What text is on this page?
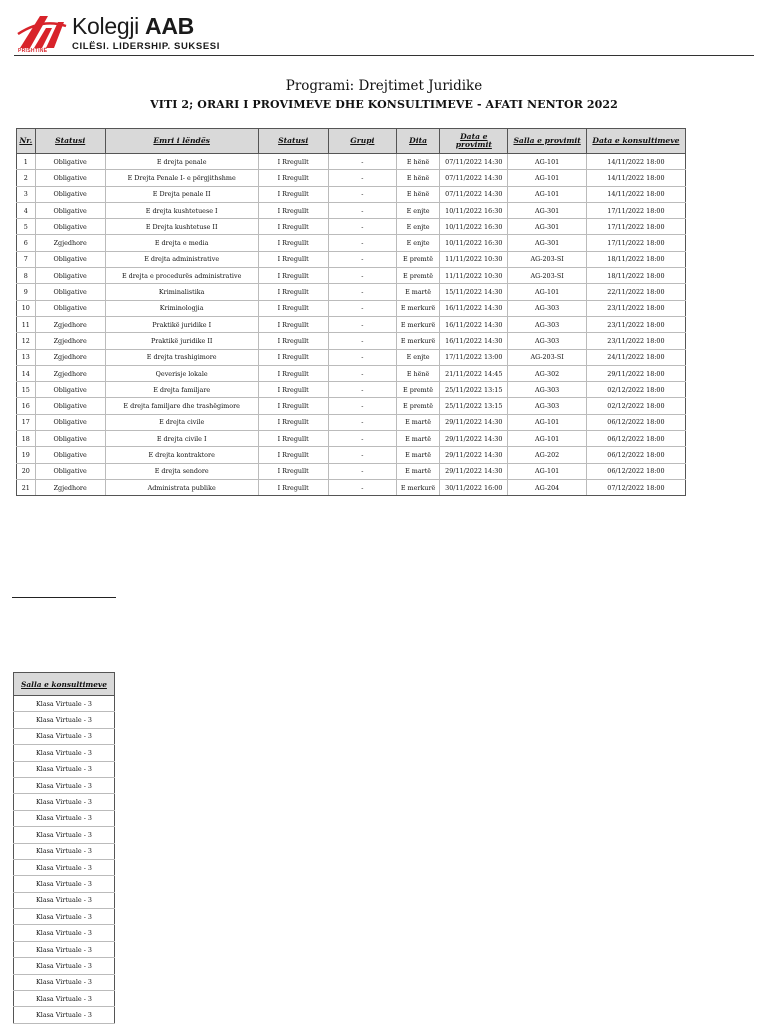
PRISHTINË
Kolegji AAB
CILËSI. LIDERSHIP. SUKSESI
Programi: Drejtimet Juridike
VITI 2; ORARI I PROVIMEVE DHE KONSULTIMEVE - AFATI NENTOR 2022
Nr.	Statusi	Emri i lëndës	Statusi	Grupi	Dita	Data e provimit	Salla e provimit	Data e konsultimeve
1	Obligative	E drejta penale	I Rregullt	-	E hënë	07/11/2022 14:30	AG-101	14/11/2022 18:00
2	Obligative	E Drejta Penale I- e përgjithshme	I Rregullt	-	E hënë	07/11/2022 14:30	AG-101	14/11/2022 18:00
3	Obligative	E Drejta penale II	I Rregullt	-	E hënë	07/11/2022 14:30	AG-101	14/11/2022 18:00
4	Obligative	E drejta kushtetuese I	I Rregullt	-	E enjte	10/11/2022 16:30	AG-301	17/11/2022 18:00
5	Obligative	E Drejta kushtetuse II	I Rregullt	-	E enjte	10/11/2022 16:30	AG-301	17/11/2022 18:00
6	Zgjedhore	E drejta e media	I Rregullt	-	E enjte	10/11/2022 16:30	AG-301	17/11/2022 18:00
7	Obligative	E drejta administrative	I Rregullt	-	E premtë	11/11/2022 10:30	AG-203-SI	18/11/2022 18:00
8	Obligative	E drejta e procedurës administrative	I Rregullt	-	E premtë	11/11/2022 10:30	AG-203-SI	18/11/2022 18:00
9	Obligative	Kriminalistika	I Rregullt	-	E martë	15/11/2022 14:30	AG-101	22/11/2022 18:00
10	Obligative	Kriminologjia	I Rregullt	-	E merkurë	16/11/2022 14:30	AG-303	23/11/2022 18:00
11	Zgjedhore	Praktikë juridike I	I Rregullt	-	E merkurë	16/11/2022 14:30	AG-303	23/11/2022 18:00
12	Zgjedhore	Praktikë juridike II	I Rregullt	-	E merkurë	16/11/2022 14:30	AG-303	23/11/2022 18:00
13	Zgjedhore	E drejta trashigimore	I Rregullt	-	E enjte	17/11/2022 13:00	AG-203-SI	24/11/2022 18:00
14	Zgjedhore	Qeverisje lokale	I Rregullt	-	E hënë	21/11/2022 14:45	AG-302	29/11/2022 18:00
15	Obligative	E drejta familjare	I Rregullt	-	E premtë	25/11/2022 13:15	AG-303	02/12/2022 18:00
16	Obligative	E drejta familjare dhe trashëgimore	I Rregullt	-	E premtë	25/11/2022 13:15	AG-303	02/12/2022 18:00
17	Obligative	E drejta civile	I Rregullt	-	E martë	29/11/2022 14:30	AG-101	06/12/2022 18:00
18	Obligative	E drejta civile I	I Rregullt	-	E martë	29/11/2022 14:30	AG-101	06/12/2022 18:00
19	Obligative	E drejta kontraktore	I Rregullt	-	E martë	29/11/2022 14:30	AG-202	06/12/2022 18:00
20	Obligative	E drejta sendore	I Rregullt	-	E martë	29/11/2022 14:30	AG-101	06/12/2022 18:00
21	Zgjedhore	Administrata publike	I Rregullt	-	E merkurë	30/11/2022 16:00	AG-204	07/12/2022 18:00
Salla e konsultimeve
Klasa Virtuale - 3
Klasa Virtuale - 3
Klasa Virtuale - 3
Klasa Virtuale - 3
Klasa Virtuale - 3
Klasa Virtuale - 3
Klasa Virtuale - 3
Klasa Virtuale - 3
Klasa Virtuale - 3
Klasa Virtuale - 3
Klasa Virtuale - 3
Klasa Virtuale - 3
Klasa Virtuale - 3
Klasa Virtuale - 3
Klasa Virtuale - 3
Klasa Virtuale - 3
Klasa Virtuale - 3
Klasa Virtuale - 3
Klasa Virtuale - 3
Klasa Virtuale - 3
